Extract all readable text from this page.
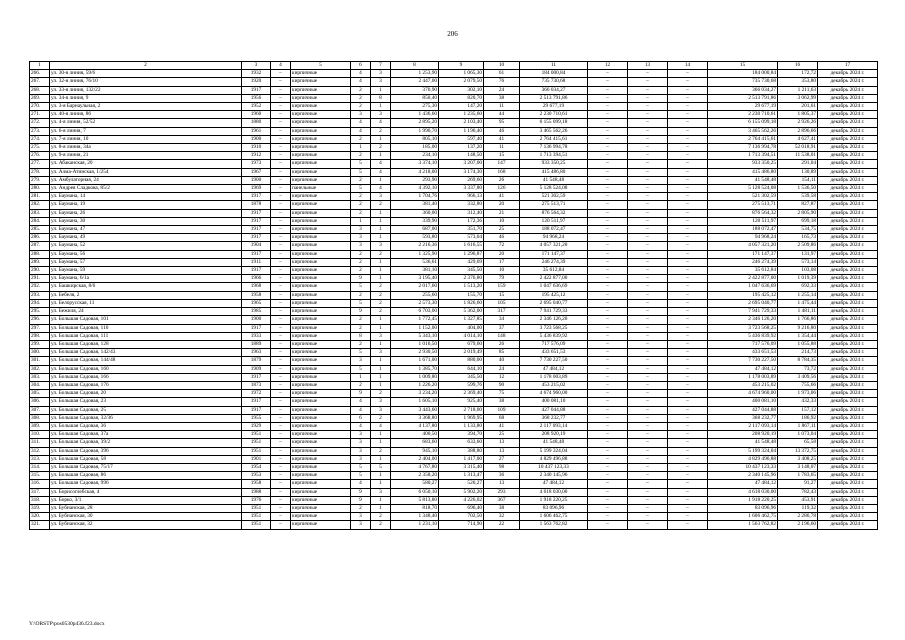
206
1	2	3	4	5	6	7	8	9	10	11	12	13	14	15	16	17
266.	ул. 30-я линия, 59/6	1932	–	кирпичные	4	3	1 253,90	1 065,30	61	184 000,84	–	–	–	184 000,84	172,72	декабрь 2024 г.
267.	ул. 32-я линия, 76/10	1920	–	кирпичные	4	3	2 447,00	2 079,50	76	735 730,68	–	–	–	735 730,68	353,80	декабрь 2024 г.
268.	ул. 33-я линия, 132/22	1917	–	кирпичные	2	1	370,90	302,10	24	366 034,27	–	–	–	366 034,27	1 211,63	декабрь 2024 г.
269.	ул. 34-я линия, 9	1956	–	кирпичные	2	8	850,40	820,70	38	2 513 791,86	–	–	–	2 513 791,86	3 062,99	декабрь 2024 г.
270.	ул. 3-я Барнаульная, 2	1952	–	кирпичные	2	1	275,30	147,20	11	29 677,19	–	–	–	29 677,19	201,61	декабрь 2024 г.
271.	ул. 40-я линия, 86	1960	–	кирпичные	3	3	1 436,60	1 235,60	44	2 230 710,61	–	–	–	2 230 710,61	1 805,37	декабрь 2024 г.
272.	ул. 4-я линия, 52/52	1880	–	кирпичные	4	4	2 895,20	2 103,40	95	6 155 099,18	–	–	–	6 155 099,18	2 926,26	декабрь 2024 г.
273.	ул. 6-я линия, 7	1961	–	кирпичные	4	2	1 990,70	1 196,40	46	3 465 562,26	–	–	–	3 465 562,26	2 896,66	декабрь 2024 г.
274.	ул. 7-я линия, 10	1900	–	кирпичные	2	1	805,10	597,40	41	2 764 415,61	–	–	–	2 764 415,61	4 627,41	декабрь 2024 г.
275.	ул. 8-я линия, 34а	1910	–	кирпичные	1	2	185,00	137,20	11	7 136 994,78	–	–	–	7 136 994,78	52 018,91	декабрь 2024 г.
276.	ул. 9-я линия, 21	1912	–	кирпичные	2	1	234,10	148,50	15	1 713 394,51	–	–	–	1 713 394,51	11 538,01	декабрь 2024 г.
277.	ул. Абаканская, 20	1973	–	кирпичные	5	4	3 374,10	3 207,00	147	933 350,25	–	–	–	933 350,25	291,04	декабрь 2024 г.
278.	ул. Алма-Атинская, 1/254	1967	–	кирпичные	5	4	4 218,00	3 174,30	168	415 486,80	–	–	–	415 486,80	130,89	декабрь 2024 г.
279.	ул. Амбулаторная, 24	1900	–	кирпичные	2	1	293,90	269,60	26	41 548,48	–	–	–	41 548,48	154,11	декабрь 2024 г.
280.	ул. Андрея Сладкова, 85/2	1969	–	панельные	5	4	4 392,10	3 337,80	126	5 128 524,08	–	–	–	5 128 524,08	1 536,50	декабрь 2024 г.
281.	ул. Баумана, 14	1917	–	кирпичные	2	3	1 704,76	966,13	41	521 302,59	–	–	–	521 302,59	539,58	декабрь 2024 г.
282.	ул. Баумана, 19	1878	–	кирпичные	2	2	381,40	332,80	20	275 513,71	–	–	–	275 513,71	827,87	декабрь 2024 г.
283.	ул. Баумана, 26	1917	–	кирпичные	2	1	360,00	312,40	21	876 564,32	–	–	–	876 564,32	2 805,90	декабрь 2024 г.
284.	ул. Баумана, 30	1917	–	кирпичные	1	1	339,90	172,36	10	120 511,97	–	–	–	120 511,97	699,18	декабрь 2024 г.
285.	ул. Баумана, 47	1917	–	кирпичные	3	1	687,00	351,70	25	188 072,47	–	–	–	188 072,47	534,75	декабрь 2024 г.
286.	ул. Баумана, 49	1917	–	кирпичные	3	1	593,80	573,04	46	94 968,24	–	–	–	94 968,24	165,73	декабрь 2024 г.
287.	ул. Баумана, 52	1904	–	кирпичные	3	3	2 216,36	1 616,55	72	4 057 321,20	–	–	–	4 057 321,20	2 509,86	декабрь 2024 г.
288.	ул. Баумана, 56	1917	–	кирпичные	2	2	1 325,90	1 296,87	20	171 147,37	–	–	–	171 147,37	131,97	декабрь 2024 г.
289.	ул. Баумана, 57	1911	–	кирпичные	2	1	536,61	429,69	17	246 274,39	–	–	–	246 274,39	573,14	декабрь 2024 г.
290.	ул. Баумана, 59	1917	–	кирпичные	2	1	381,10	345,50	10	35 612,84	–	–	–	35 612,84	103,08	декабрь 2024 г.
291.	ул. Баумана, 6/1а	1966	–	кирпичные	9	1	3 195,40	2 376,80	79	2 422 877,00	–	–	–	2 422 877,00	1 019,39	декабрь 2024 г.
292.	ул. Башкирская, 8/6	1968	–	кирпичные	5	2	2 017,60	1 513,20	159	1 047 636,69	–	–	–	1 047 636,69	692,33	декабрь 2024 г.
293.	ул. Бебеля, 2	1958	–	кирпичные	2	2	255,60	155,70	15	195 425,12	–	–	–	195 425,12	1 255,14	декабрь 2024 г.
294.	ул. Белорусская, 11	1965	–	кирпичные	5	2	2 573,30	1 826,60	105	2 695 040,77	–	–	–	2 695 040,77	1 475,44	декабрь 2024 г.
295.	ул. Бежиля, 24	1985	–	кирпичные	9	2	6 703,00	5 362,00	317	7 941 729,33	–	–	–	7 941 729,33	1 481,11	декабрь 2024 г.
296.	ул. Большая Садовая, 101	1900	–	кирпичные	2	1	1 772,45	1 327,85	34	2 346 126,20	–	–	–	2 346 126,20	1 766,86	декабрь 2024 г.
297.	ул. Большая Садовая, 110	1917	–	кирпичные	2	1	1 152,00	404,00	37	3 723 568,25	–	–	–	3 723 568,25	9 216,80	декабрь 2024 г.
298.	ул. Большая Садовая, 111	1933	–	кирпичные	8	3	5 343,10	4 014,10	148	5 436 839,92	–	–	–	5 436 839,92	1 354,44	декабрь 2024 г.
299.	ул. Большая Садовая, 128	1889	–	кирпичные	2	1	1 016,50	679,60	26	717 576,09	–	–	–	717 576,09	1 055,88	декабрь 2024 г.
300.	ул. Большая Садовая, 142/43	1963	–	кирпичные	5	3	2 930,50	2 019,49	85	433 651,53	–	–	–	433 651,53	214,73	декабрь 2024 г.
301.	ул. Большая Садовая, 144/48	1879	–	кирпичные	3	1	1 671,00	880,00	40	7 730 227,50	–	–	–	7 730 227,50	8 784,35	декабрь 2024 г.
302.	ул. Большая Садовая, 160	1909	–	кирпичные	5	1	1 385,70	644,10	24	47 484,12	–	–	–	47 484,12	73,72	декабрь 2024 г.
303.	ул. Большая Садовая, 166	1917	–	кирпичные	1	1	1 009,80	345,50	12	1 178 003,89	–	–	–	1 178 003,89	3 409,56	декабрь 2024 г.
304.	ул. Большая Садовая, 176	1873	–	кирпичные	2	1	1 226,20	599,76	90	453 215,02	–	–	–	453 215,02	755,66	декабрь 2024 г.
305.	ул. Большая Садовая, 20	1972	–	кирпичные	9	2	3 234,20	2 369,40	75	4 674 960,00	–	–	–	4 674 960,00	1 973,06	декабрь 2024 г.
306.	ул. Большая Садовая, 23	1917	–	кирпичные	4	3	1 605,10	925,40	38	400 081,10	–	–	–	400 081,10	432,33	декабрь 2024 г.
307.	ул. Большая Садовая, 25	1917	–	кирпичные	4	3	3 443,60	2 718,00	109	427 044,88	–	–	–	427 044,88	157,12	декабрь 2024 г.
308.	ул. Большая Садовая, 32/36	1955	–	кирпичные	6	2	3 368,80	1 969,95	68	368 232,77	–	–	–	368 232,77	186,92	декабрь 2024 г.
309.	ул. Большая Садовая, 36	1929	–	кирпичные	4	4	4 137,80	1 133,80	41	2 117 093,14	–	–	–	2 117 093,14	1 867,11	декабрь 2024 г.
310.	ул. Большая Садовая, 37а	1951	–	кирпичные	3	1	400,50	394,70	25	208 920,19	–	–	–	208 920,19	1 073,04	декабрь 2024 г.
311.	ул. Большая Садовая, 39/2	1951	–	кирпичные	3	1	683,60	633,60	13	41 548,48	–	–	–	41 548,48	65,58	декабрь 2024 г.
312.	ул. Большая Садовая, 396	1951	–	кирпичные	3	2	945,10	388,80	13	5 199 324,04	–	–	–	5 199 324,04	13 372,75	декабрь 2024 г.
313.	ул. Большая Садовая, 58	1901	–	кирпичные	3	1	2 404,00	1 417,00	27	4 829 496,88	–	–	–	4 829 496,88	3 408,25	декабрь 2024 г.
314.	ул. Большая Садовая, 75/17	1954	–	кирпичные	5	5	4 767,80	3 315,40	98	10 437 123,33	–	–	–	10 437 123,33	3 148,07	декабрь 2024 г.
315.	ул. Большая Садовая, 86	1953	–	кирпичные	5	1	2 358,20	1 313,47	36	2 340 145,96	–	–	–	2 340 145,96	1 783,65	декабрь 2024 г.
316.	ул. Большая Садовая, 996	1958	–	кирпичные	4	1	580,27	520,27	13	47 484,12	–	–	–	47 484,12	91,27	декабрь 2024 г.
317.	ул. Борисоглебская, 4	1988	–	кирпичные	9	3	6 050,10	5 902,20	293	4 618 030,00	–	–	–	4 618 030,00	782,43	декабрь 2024 г.
318.	ул. Борко, 3/1	1976	–	кирпичные	9	1	5 813,80	4 226,02	367	1 918 220,25	–	–	–	1 918 220,25	453,91	декабрь 2024 г.
319.	ул. Бубнанская, 28	1951	–	кирпичные	2	1	818,70	696,40	38	83 096,96	–	–	–	83 096,96	119,32	декабрь 2024 г.
320.	ул. Бубнанская, 30	1951	–	кирпичные	3	2	1 348,40	702,50	32	1 606 462,75	–	–	–	1 606 462,75	2 286,78	декабрь 2024 г.
321.	ул. Бубнанская, 32	1951	–	кирпичные	3	2	1 231,10	714,90	22	1 563 762,82	–	–	–	1 563 762,82	2 196,60	декабрь 2024 г.
Y:\ORSTP\pos0530p436.f23.docx
